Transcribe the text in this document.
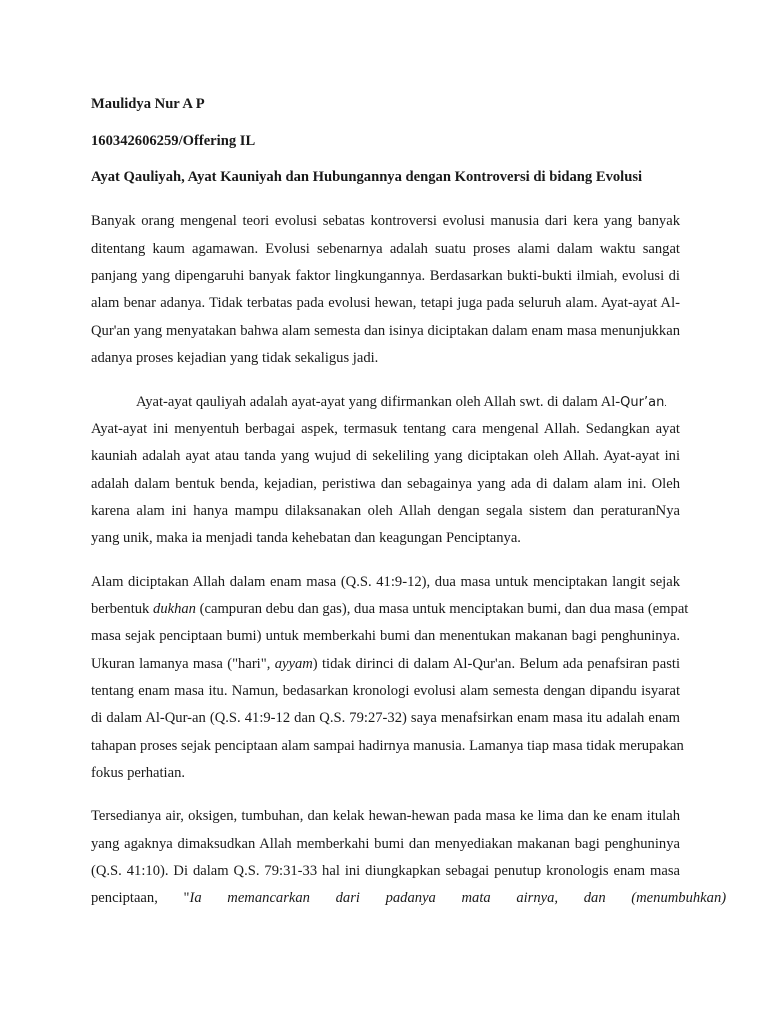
Maulidya Nur A P
160342606259/Offering IL
Ayat Qauliyah, Ayat Kauniyah dan Hubungannya dengan Kontroversi di bidang Evolusi
Banyak orang mengenal teori evolusi sebatas kontroversi evolusi manusia dari kera yang banyak
ditentang kaum agamawan. Evolusi sebenarnya adalah suatu proses alami dalam waktu sangat
panjang yang dipengaruhi banyak faktor lingkungannya. Berdasarkan bukti-bukti ilmiah, evolusi di
alam benar adanya. Tidak terbatas pada evolusi hewan, tetapi juga pada seluruh alam. Ayat-ayat Al-
Qur'an yang menyatakan bahwa alam semesta dan isinya diciptakan dalam enam masa menunjukkan
adanya proses kejadian yang tidak sekaligus jadi.
Ayat-ayat qauliyah adalah ayat-ayat yang difirmankan oleh Allah swt. di dalam Al-Qur’an.
Ayat-ayat ini menyentuh berbagai aspek, termasuk tentang cara mengenal Allah. Sedangkan ayat
kauniah adalah ayat atau tanda yang wujud di sekeliling yang diciptakan oleh Allah. Ayat-ayat ini
adalah dalam bentuk benda, kejadian, peristiwa dan sebagainya yang ada di dalam alam ini. Oleh
karena alam ini hanya mampu dilaksanakan oleh Allah dengan segala sistem dan peraturanNya
yang unik, maka ia menjadi tanda kehebatan dan keagungan Penciptanya.
Alam diciptakan Allah dalam enam masa (Q.S. 41:9-12), dua masa untuk menciptakan langit sejak
berbentuk dukhan (campuran debu dan gas), dua masa untuk menciptakan bumi, dan dua masa (empat
masa sejak penciptaan bumi) untuk memberkahi bumi dan menentukan makanan bagi penghuninya.
Ukuran lamanya masa ("hari", ayyam) tidak dirinci di dalam Al-Qur'an. Belum ada penafsiran pasti
tentang enam masa itu. Namun, bedasarkan kronologi evolusi alam semesta dengan dipandu isyarat
di dalam Al-Qur-an (Q.S. 41:9-12 dan Q.S. 79:27-32) saya menafsirkan enam masa itu adalah enam
tahapan proses sejak penciptaan alam sampai hadirnya manusia. Lamanya tiap masa tidak merupakan
fokus perhatian.
Tersedianya air, oksigen, tumbuhan, dan kelak hewan-hewan pada masa ke lima dan ke enam itulah
yang agaknya dimaksudkan Allah memberkahi bumi dan menyediakan makanan bagi penghuninya
(Q.S. 41:10). Di dalam Q.S. 79:31-33 hal ini diungkapkan sebagai penutup kronologis enam masa
penciptaan, "Ia memancarkan dari padanya mata airnya, dan (menumbuhkan)
